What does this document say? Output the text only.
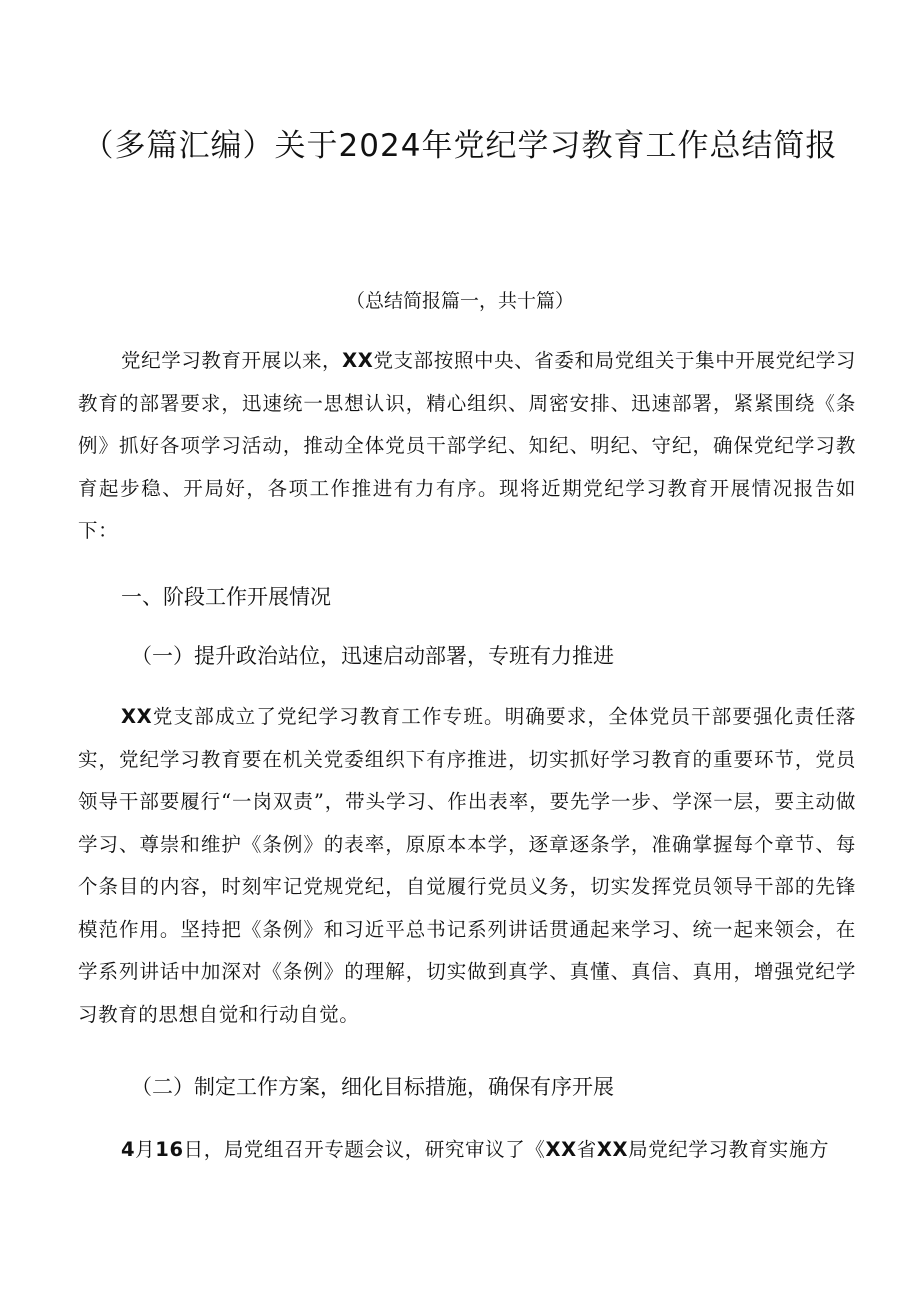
（多篇汇编）关于2024年党纪学习教育工作总结简报

（总结简报篇一，共十篇）

党纪学习教育开展以来，XX党支部按照中央、省委和局党组关于集中开展党纪学习教育的部署要求，迅速统一思想认识，精心组织、周密安排、迅速部署，紧紧围绕《条例》抓好各项学习活动，推动全体党员干部学纪、知纪、明纪、守纪，确保党纪学习教育起步稳、开局好，各项工作推进有力有序。现将近期党纪学习教育开展情况报告如下：

一、阶段工作开展情况
（一）提升政治站位，迅速启动部署，专班有力推进

XX党支部成立了党纪学习教育工作专班。明确要求，全体党员干部要强化责任落实，党纪学习教育要在机关党委组织下有序推进，切实抓好学习教育的重要环节，党员领导干部要履行“一岗双责”，带头学习、作出表率，要先学一步、学深一层，要主动做学习、尊崇和维护《条例》的表率，原原本本学，逐章逐条学，准确掌握每个章节、每个条目的内容，时刻牢记党规党纪，自觉履行党员义务，切实发挥党员领导干部的先锋模范作用。坚持把《条例》和习近平总书记系列讲话贯通起来学习、统一起来领会，在学系列讲话中加深对《条例》的理解，切实做到真学、真懂、真信、真用，增强党纪学习教育的思想自觉和行动自觉。

（二）制定工作方案，细化目标措施，确保有序开展

4月16日，局党组召开专题会议，研究审议了《XX省XX局党纪学习教育实施方
